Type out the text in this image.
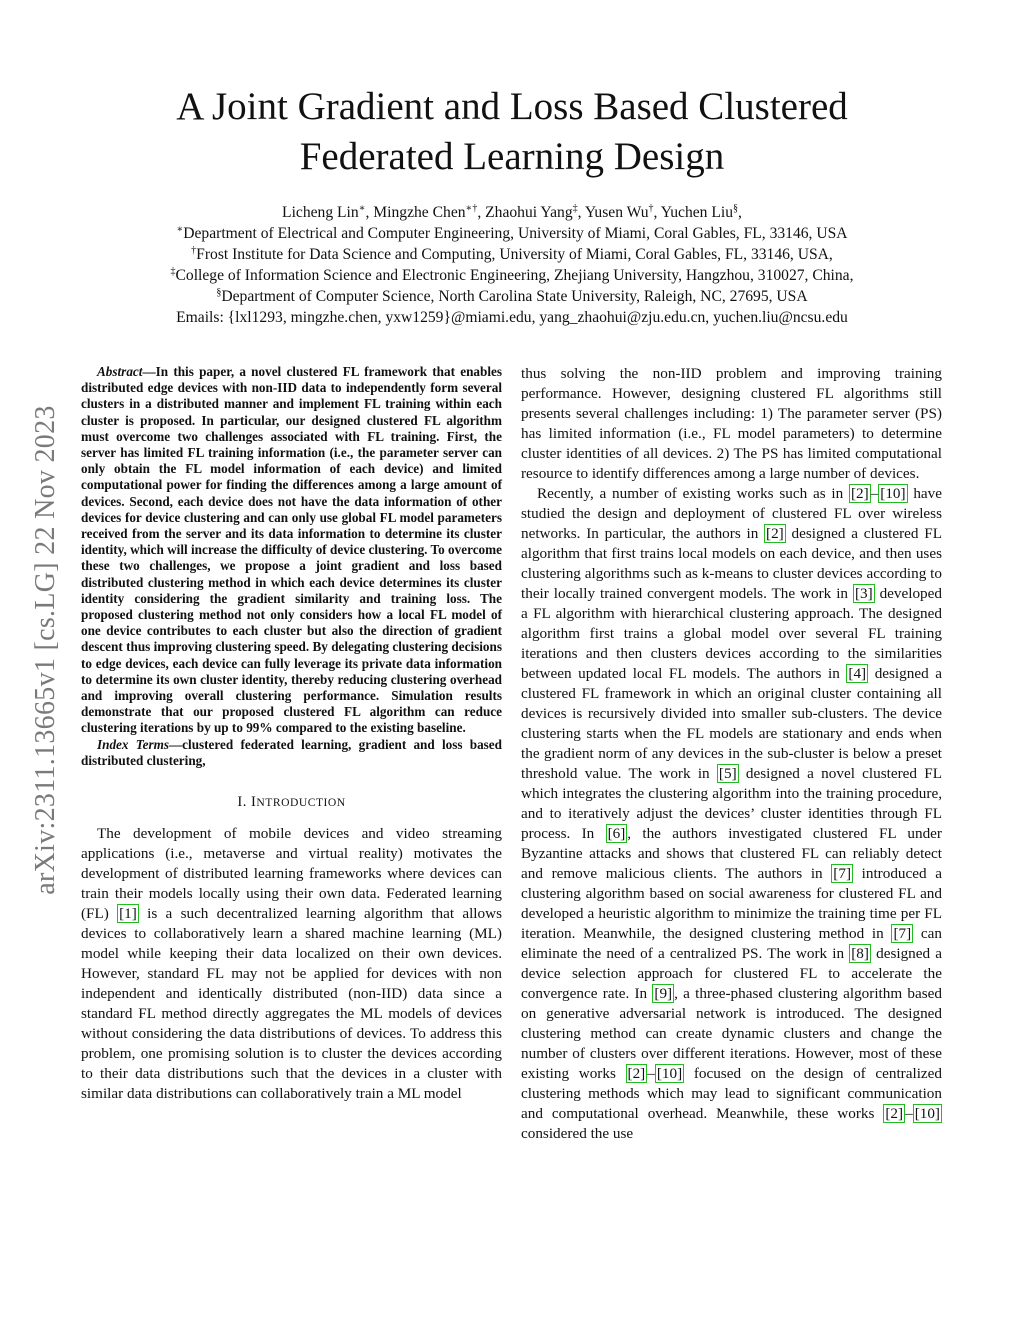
A Joint Gradient and Loss Based Clustered
Federated Learning Design
Licheng Lin∗, Mingzhe Chen∗†, Zhaohui Yang‡, Yusen Wu†, Yuchen Liu§,
∗Department of Electrical and Computer Engineering, University of Miami, Coral Gables, FL, 33146, USA
†Frost Institute for Data Science and Computing, University of Miami, Coral Gables, FL, 33146, USA,
‡College of Information Science and Electronic Engineering, Zhejiang University, Hangzhou, 310027, China,
§Department of Computer Science, North Carolina State University, Raleigh, NC, 27695, USA
Emails: {lxl1293, mingzhe.chen, yxw1259}@miami.edu, yang_zhaohui@zju.edu.cn, yuchen.liu@ncsu.edu
arXiv:2311.13665v1 [cs.LG] 22 Nov 2023

Abstract—In this paper, a novel clustered FL framework that enables distributed edge devices with non-IID data to independently form several clusters in a distributed manner and implement FL training within each cluster is proposed. In particular, our designed clustered FL algorithm must overcome two challenges associated with FL training. First, the server has limited FL training information (i.e., the parameter server can only obtain the FL model information of each device) and limited computational power for finding the differences among a large amount of devices. Second, each device does not have the data information of other devices for device clustering and can only use global FL model parameters received from the server and its data information to determine its cluster identity, which will increase the difficulty of device clustering. To overcome these two challenges, we propose a joint gradient and loss based distributed clustering method in which each device determines its cluster identity considering the gradient similarity and training loss. The proposed clustering method not only considers how a local FL model of one device contributes to each cluster but also the direction of gradient descent thus improving clustering speed. By delegating clustering decisions to edge devices, each device can fully leverage its private data information to determine its own cluster identity, thereby reducing clustering overhead and improving overall clustering performance. Simulation results demonstrate that our proposed clustered FL algorithm can reduce clustering iterations by up to 99% compared to the existing baseline.

Index Terms—clustered federated learning, gradient and loss based distributed clustering,

I. INTRODUCTION

The development of mobile devices and video streaming applications (i.e., metaverse and virtual reality) motivates the development of distributed learning frameworks where devices can train their models locally using their own data. Federated learning (FL) [1] is a such decentralized learning algorithm that allows devices to collaboratively learn a shared machine learning (ML) model while keeping their data localized on their own devices. However, standard FL may not be applied for devices with non independent and identically distributed (non-IID) data since a standard FL method directly aggregates the ML models of devices without considering the data distributions of devices. To address this problem, one promising solution is to cluster the devices according to their data distributions such that the devices in a cluster with similar data distributions can collaboratively train a ML model

thus solving the non-IID problem and improving training performance. However, designing clustered FL algorithms still presents several challenges including: 1) The parameter server (PS) has limited information (i.e., FL model parameters) to determine cluster identities of all devices. 2) The PS has limited computational resource to identify differences among a large number of devices.

Recently, a number of existing works such as in [2] – [10] have studied the design and deployment of clustered FL over wireless networks. In particular, the authors in [2] designed a clustered FL algorithm that first trains local models on each device, and then uses clustering algorithms such as k-means to cluster devices according to their locally trained convergent models. The work in [3] developed a FL algorithm with hierarchical clustering approach. The designed algorithm first trains a global model over several FL training iterations and then clusters devices according to the similarities between updated local FL models. The authors in [4] designed a clustered FL framework in which an original cluster containing all devices is recursively divided into smaller sub-clusters. The device clustering starts when the FL models are stationary and ends when the gradient norm of any devices in the sub-cluster is below a preset threshold value. The work in [5] designed a novel clustered FL which integrates the clustering algorithm into the training procedure, and to iteratively adjust the devices’ cluster identities through FL process. In [6] , the authors investigated clustered FL under Byzantine attacks and shows that clustered FL can reliably detect and remove malicious clients. The authors in [7] introduced a clustering algorithm based on social awareness for clustered FL and developed a heuristic algorithm to minimize the training time per FL iteration. Meanwhile, the designed clustering method in [7] can eliminate the need of a centralized PS. The work in [8] designed a device selection approach for clustered FL to accelerate the convergence rate. In [9] , a three-phased clustering algorithm based on generative adversarial network is introduced. The designed clustering method can create dynamic clusters and change the number of clusters over different iterations. However, most of these existing works [2] – [10] focused on the design of centralized clustering methods which may lead to significant communication and computational overhead. Meanwhile, these works [2] – [10] considered the use
